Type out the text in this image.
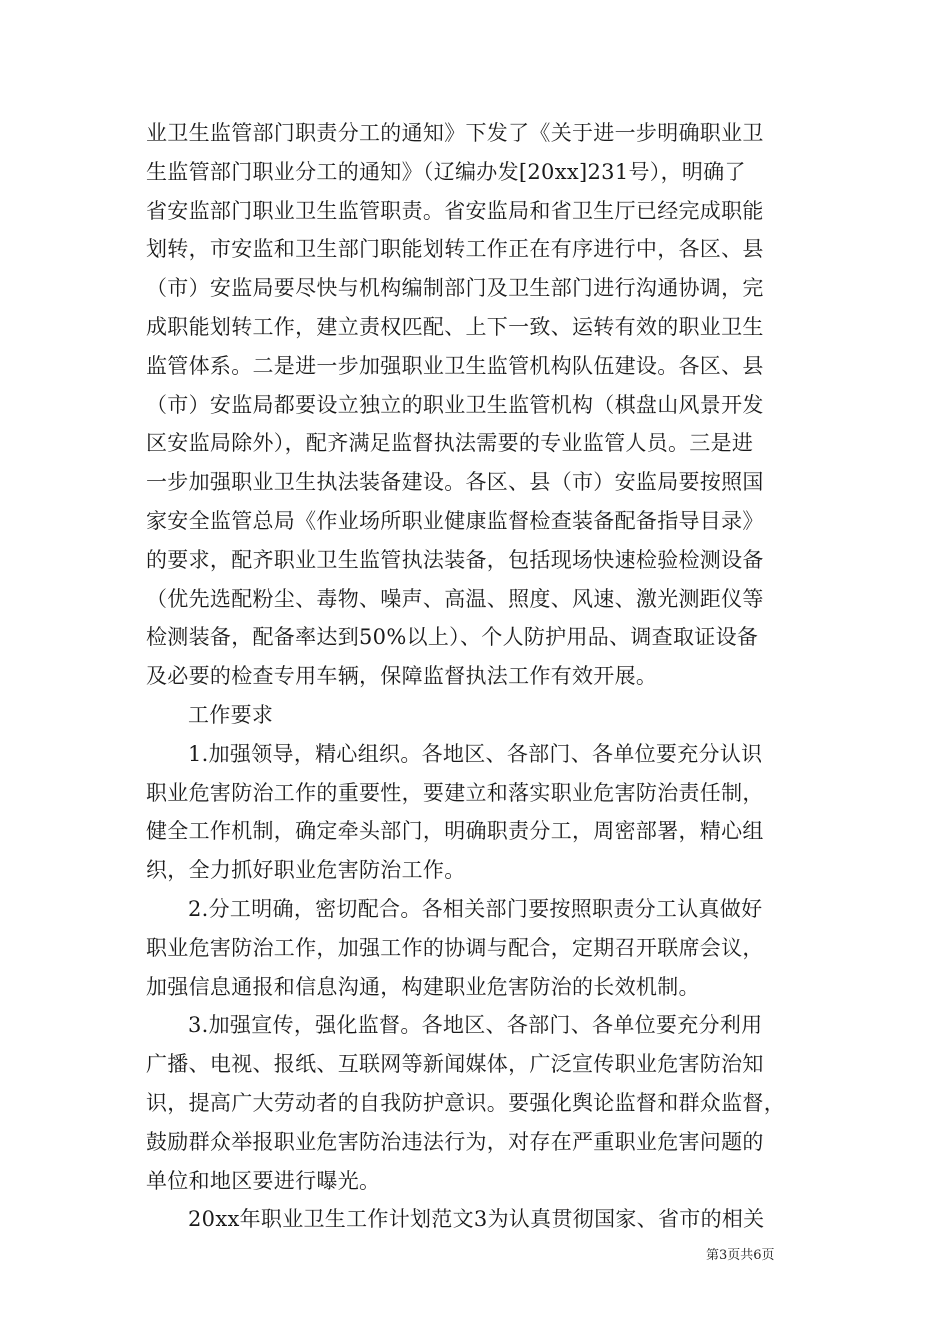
业卫生监管部门职责分工的通知》下发了《关于进一步明确职业卫
生监管部门职业分工的通知》（辽编办发[20xx]231号），明确了
省安监部门职业卫生监管职责。省安监局和省卫生厅已经完成职能
划转，市安监和卫生部门职能划转工作正在有序进行中，各区、县
（市）安监局要尽快与机构编制部门及卫生部门进行沟通协调，完
成职能划转工作，建立责权匹配、上下一致、运转有效的职业卫生
监管体系。二是进一步加强职业卫生监管机构队伍建设。各区、县
（市）安监局都要设立独立的职业卫生监管机构（棋盘山风景开发
区安监局除外），配齐满足监督执法需要的专业监管人员。三是进
一步加强职业卫生执法装备建设。各区、县（市）安监局要按照国
家安全监管总局《作业场所职业健康监督检查装备配备指导目录》
的要求，配齐职业卫生监管执法装备，包括现场快速检验检测设备
（优先选配粉尘、毒物、噪声、高温、照度、风速、激光测距仪等
检测装备，配备率达到50%以上）、个人防护用品、调查取证设备
及必要的检查专用车辆，保障监督执法工作有效开展。
工作要求
1.加强领导，精心组织。各地区、各部门、各单位要充分认识
职业危害防治工作的重要性，要建立和落实职业危害防治责任制，
健全工作机制，确定牵头部门，明确职责分工，周密部署，精心组
织，全力抓好职业危害防治工作。
2.分工明确，密切配合。各相关部门要按照职责分工认真做好
职业危害防治工作，加强工作的协调与配合，定期召开联席会议，
加强信息通报和信息沟通，构建职业危害防治的长效机制。
3.加强宣传，强化监督。各地区、各部门、各单位要充分利用
广播、电视、报纸、互联网等新闻媒体，广泛宣传职业危害防治知
识，提高广大劳动者的自我防护意识。要强化舆论监督和群众监督，
鼓励群众举报职业危害防治违法行为，对存在严重职业危害问题的
单位和地区要进行曝光。
20xx年职业卫生工作计划范文3为认真贯彻国家、省市的相关
第3页共6页
